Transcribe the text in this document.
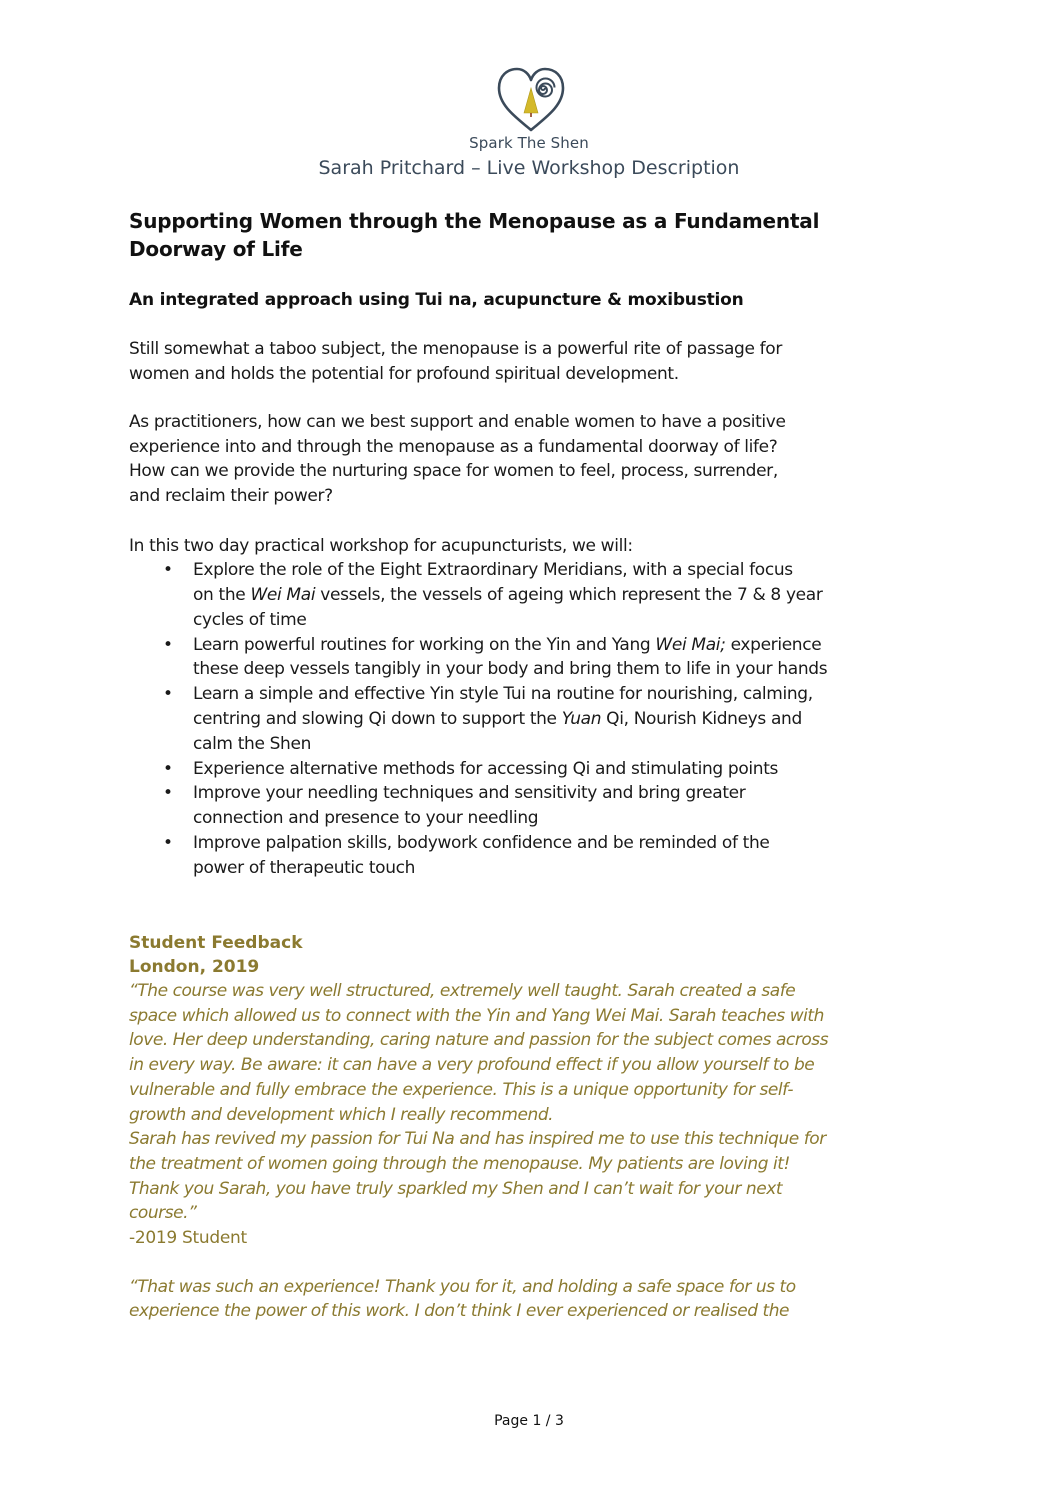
Spark The Shen
Sarah Pritchard – Live Workshop Description
Supporting Women through the Menopause as a Fundamental
Doorway of Life
An integrated approach using Tui na, acupuncture & moxibustion

Still somewhat a taboo subject, the menopause is a powerful rite of passage for
women and holds the potential for profound spiritual development.

As practitioners, how can we best support and enable women to have a positive
experience into and through the menopause as a fundamental doorway of life?
How can we provide the nurturing space for women to feel, process, surrender,
and reclaim their power?

In this two day practical workshop for acupuncturists, we will:

• Explore the role of the Eight Extraordinary Meridians, with a special focus
on the Wei Mai vessels, the vessels of ageing which represent the 7 & 8 year
cycles of time
• Learn powerful routines for working on the Yin and Yang Wei Mai; experience
these deep vessels tangibly in your body and bring them to life in your hands
• Learn a simple and effective Yin style Tui na routine for nourishing, calming,
centring and slowing Qi down to support the Yuan Qi, Nourish Kidneys and
calm the Shen
• Experience alternative methods for accessing Qi and stimulating points
• Improve your needling techniques and sensitivity and bring greater
connection and presence to your needling
• Improve palpation skills, bodywork confidence and be reminded of the
power of therapeutic touch
Student Feedback
London, 2019

“The course was very well structured, extremely well taught. Sarah created a safe
space which allowed us to connect with the Yin and Yang Wei Mai. Sarah teaches with
love. Her deep understanding, caring nature and passion for the subject comes across
in every way. Be aware: it can have a very profound effect if you allow yourself to be
vulnerable and fully embrace the experience. This is a unique opportunity for self-
growth and development which I really recommend.
Sarah has revived my passion for Tui Na and has inspired me to use this technique for
the treatment of women going through the menopause. My patients are loving it!
Thank you Sarah, you have truly sparkled my Shen and I can’t wait for your next
course.”

-2019 Student

“That was such an experience! Thank you for it, and holding a safe space for us to
experience the power of this work. I don’t think I ever experienced or realised the

Page 1 / 3
